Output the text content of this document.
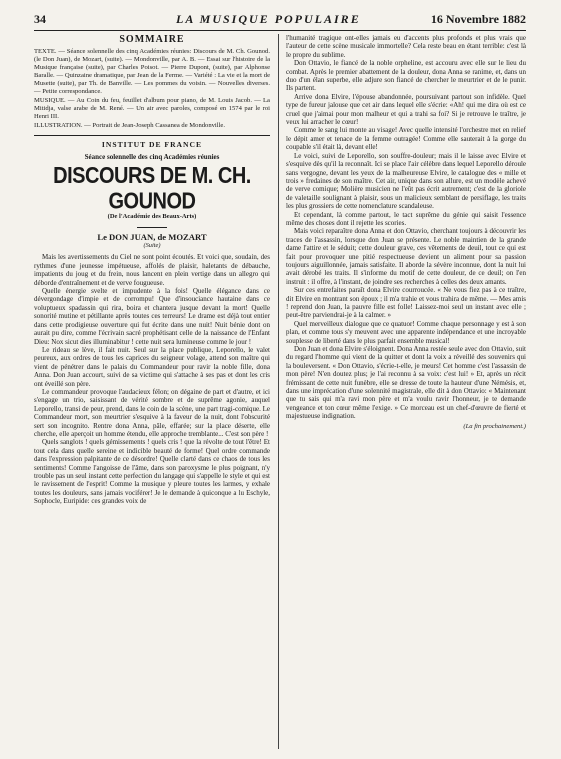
34	LA MUSIQUE POPULAIRE	16 Novembre 1882
SOMMAIRE

TEXTE. — Séance solennelle des cinq Académies réunies: Discours de M. Ch. Gounod. (le Don Juan), de Mozart, (suite). — Mondonville, par A. B. — Essai sur l'histoire de la Musique française (suite), par Charles Poisot. — Pierre Dupont, (suite), par Alphonse Baralle. — Quinzaine dramatique, par Jean de la Ferme. — Variété : La vie et la mort de Musette (suite), par Th. de Banville. — Les pommes du voisin. — Nouvelles diverses. — Petite correspondance.

MUSIQUE. — Au Coin du feu, feuillet d'album pour piano, de M. Louis Jacob. — La Mitidja, valse arabe de M. René. — Un air avec paroles, composé en 1574 par le roi Henri III.

ILLUSTRATION. — Portrait de Jean-Joseph Cassanea de Mondonville.

INSTITUT DE FRANCE
Séance solennelle des cinq Académies réunies
DISCOURS DE M. CH. GOUNOD
(De l'Académie des Beaux-Arts)
Le DON JUAN, de MOZART
(Suite)

Mais les avertissements du Ciel ne sont point écoutés. Et voici que, soudain, des rythmes d'une jeunesse impétueuse, affolés de plaisir, haletants de débauche, impatients du joug et du frein, nous lancent en plein vertige dans un allegro qui déborde d'entraînement et de verve fougueuse.

Quelle énergie svelte et impudente à la fois! Quelle élégance dans ce dévergondage d'impie et de corrompu! Que d'insouciance hautaine dans ce voluptueux spadassin qui rira, boira et chantera jusque devant la mort! Quelle sonorité mutine et pétillante après toutes ces terreurs! Le drame est déjà tout entier dans cette prodigieuse ouverture qui fut écrite dans une nuit! Nuit bénie dont on aurait pu dire, comme l'écrivain sacré prophétisant celle de la naissance de l'Enfant Dieu: Nox sicut dies illuminabitur ! cette nuit sera lumineuse comme le jour !

Le rideau se lève, il fait nuit. Seul sur la place publique, Leporello, le valet peureux, aux ordres de tous les caprices du seigneur volage, attend son maître qui vient de pénétrer dans le palais du Commandeur pour ravir la noble fille, dona Anna. Don Juan accourt, suivi de sa victime qui s'attache à ses pas et dont les cris ont éveillé son père.

Le commandeur provoque l'audacieux félon; on dégaine de part et d'autre, et ici s'engage un trio, saisissant de vérité sombre et de suprême agonie, auquel Leporello, transi de peur, prend, dans le coin de la scène, une part tragi-comique. Le Commandeur mort, son meurtrier s'esquive à la faveur de la nuit, dont l'obscurité sert son incognito. Rentre dona Anna, pâle, effarée; sur la place déserte, elle cherche, elle aperçoit un homme étendu, elle approche tremblante... C'est son père !

Quels sanglots ! quels gémissements ! quels cris ! que la révolte de tout l'être! Et tout cela dans quelle sereine et indicible beauté de forme! Quel ordre commande dans l'expression palpitante de ce désordre! Quelle clarté dans ce chaos de tous les sentiments! Comme l'angoisse de l'âme, dans son paroxysme le plus poignant, n'y trouble pas un seul instant cette perfection du langage qui s'appelle le style et qui est le ravissement de l'esprit! Comme la musique y pleure toutes les larmes, y exhale toutes les douleurs, sans jamais vociférer! Je le demande à quiconque a lu Eschyle, Sophocle, Euripide: ces grandes voix de

l'humanité tragique ont-elles jamais eu d'accents plus profonds et plus vrais que l'auteur de cette scène musicale immortelle? Cela reste beau en étant terrible: c'est là le propre du sublime.

Don Ottavio, le fiancé de la noble orpheline, est accouru avec elle sur le lieu du combat. Après le premier abattement de la douleur, dona Anna se ranime, et, dans un duo d'un élan superbe, elle adjure son fiancé de chercher le meurtrier et de le punir. Ils partent.

Arrive dona Elvire, l'épouse abandonnée, poursuivant partout son infidèle. Quel type de fureur jalouse que cet air dans lequel elle s'écrie: «Ah! qui me dira où est ce cruel que j'aimai pour mon malheur et qui a trahi sa foi? Si je retrouve le traître, je veux lui arracher le cœur!

Comme le sang lui monte au visage! Avec quelle intensité l'orchestre met en relief le dépit amer et tenace de la femme outragée! Comme elle sauterait à la gorge du coupable s'il était là, devant elle!

Le voici, suivi de Leporello, son souffre-douleur; mais il le laisse avec Elvire et s'esquive dès qu'il la reconnaît. Ici se place l'air célèbre dans lequel Leporello déroule sans vergogne, devant les yeux de la malheureuse Elvire, le catalogue des « mille et trois » fredaines de son maître. Cet air, unique dans son allure, est un modèle achevé de verve comique; Molière musicien ne l'eût pas écrit autrement; c'est de la gloriole de valetaille soulignant à plaisir, sous un malicieux semblant de persiflage, les traits les plus grossiers de cette nomenclature scandaleuse.

Et cependant, là comme partout, le tact suprême du génie qui saisit l'essence même des choses dont il rejette les scories.

Mais voici reparaître dona Anna et don Ottavio, cherchant toujours à découvrir les traces de l'assassin, lorsque don Juan se présente. Le noble maintien de la grande dame l'attire et le séduit; cette douleur grave, ces vêtements de deuil, tout ce qui est fait pour provoquer une pitié respectueuse devient un aliment pour sa passion toujours aiguillonnée, jamais satisfaite. Il aborde la sévère inconnue, dont la nuit lui avait dérobé les traits. Il s'informe du motif de cette douleur, de ce deuil; on l'en instruit : il offre, à l'instant, de joindre ses recherches à celles des deux amants.

Sur ces entrefaites paraît dona Elvire courroucée. « Ne vous fiez pas à ce traître, dit Elvire en montrant son époux ; il m'a trahie et vous trahira de même. — Mes amis ! reprend don Juan, la pauvre fille est folle! Laissez-moi seul un instant avec elle ; peut-être parviendrai-je à la calmer. »

Quel merveilleux dialogue que ce quatuor! Comme chaque personnage y est à son plan, et comme tous s'y meuvent avec une apparente indépendance et une incroyable souplesse de liberté dans le plus parfait ensemble musical!

Don Juan et dona Elvire s'éloignent. Dona Anna restée seule avec don Ottavio, suit du regard l'homme qui vient de la quitter et dont la voix a réveillé des souvenirs qui la bouleversent. « Don Ottavio, s'écrie-t-elle, je meurs! Cet homme c'est l'assassin de mon père! N'en doutez plus; je l'ai reconnu à sa voix: c'est lui! » Et, après un récit frémissant de cette nuit funèbre, elle se dresse de toute la hauteur d'une Némésis, et, dans une imprécation d'une solennité magistrale, elle dit à don Ottavio: « Maintenant que tu sais qui m'a ravi mon père et m'a voulu ravir l'honneur, je te demande vengeance et ton cœur même l'exige. » Ce morceau est un chef-d'œuvre de fierté et majestueuse indignation.

(La fin prochainement.)
